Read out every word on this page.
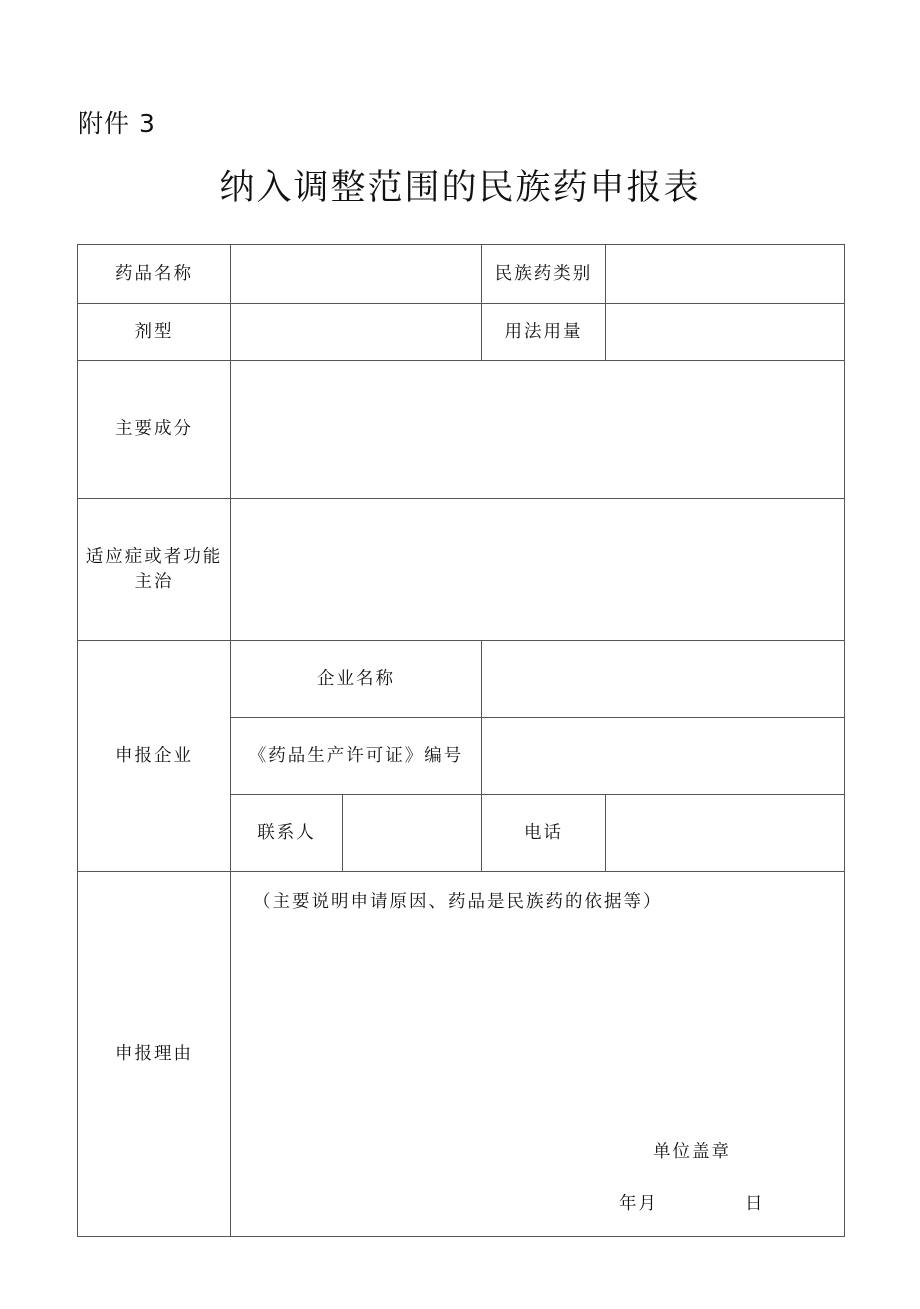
附件 3
纳入调整范围的民族药申报表
药品名称			民族药类别	
剂型			用法用量	
主要成分				

适应症或者功能
主治				

申报企业	企业名称			
	《药品生产许可证》编号			
	联系人		电话	
申报理由	（主要说明申请原因、药品是民族药的依据等）
单位盖章
年月 日			
